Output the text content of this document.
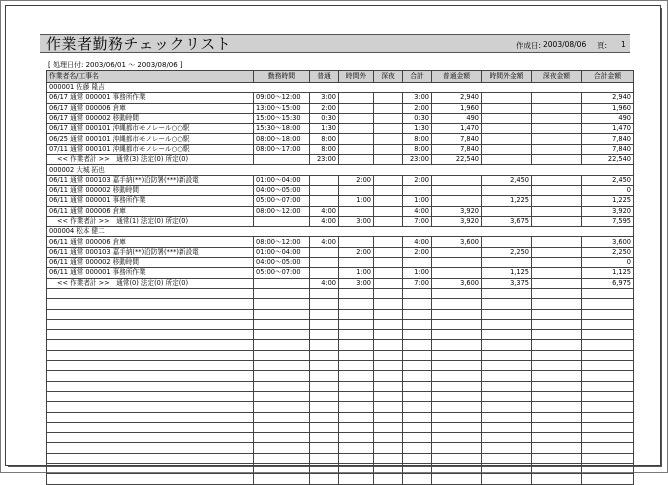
作業者勤務チェックリスト	作成日: 2003/08/06 頁: 1
[ 処理日付: 2003/06/01 ～ 2003/08/06 ]
作業者名/工事名	勤務時間	普通	時間外	深夜	合計	普通金額	時間外金額	深夜金額	合計金額
000001 佐藤 隆吉									
06/17 通常 000001 事務所作業	09:00～12:00	3:00			3:00	2,940			2,940
06/17 通常 000006 倉庫	13:00～15:00	2:00			2:00	1,960			1,960
06/17 通常 000002 移動時間	15:00～15:30	0:30			0:30	490			490
06/17 通常 000101 沖縄都市モノレール○○駅	15:30～18:00	1:30			1:30	1,470			1,470
06/25 通常 000101 沖縄都市モノレール○○駅	08:00～18:00	8:00			8:00	7,840			7,840
07/11 通常 000101 沖縄都市モノレール○○駅	08:00～17:00	8:00			8:00	7,840			7,840
<< 作業者計 >>　通常(3) 法定(0) 所定(0)		23:00			23:00	22,540			22,540
000002 大城 拓也									
06/11 通常 000103 嘉手納(**)沿防署(***)新設電	01:00～04:00		2:00		2:00		2,450		2,450
06/11 通常 000002 移動時間	04:00～05:00								0
06/11 通常 000001 事務所作業	05:00～07:00		1:00		1:00		1,225		1,225
06/11 通常 000006 倉庫	08:00～12:00	4:00			4:00	3,920			3,920
<< 作業者計 >>　通常(1) 法定(0) 所定(0)		4:00	3:00		7:00	3,920	3,675		7,595
000004 松本 健二									
06/11 通常 000006 倉庫	08:00～12:00	4:00			4:00	3,600			3,600
06/11 通常 000103 嘉手納(**)沿防署(***)新設電	01:00～04:00		2:00		2:00		2,250		2,250
06/11 通常 000002 移動時間	04:00～05:00								0
06/11 通常 000001 事務所作業	05:00～07:00		1:00		1:00		1,125		1,125
<< 作業者計 >>　通常(0) 法定(0) 所定(0)		4:00	3:00		7:00	3,600	3,375		6,975
